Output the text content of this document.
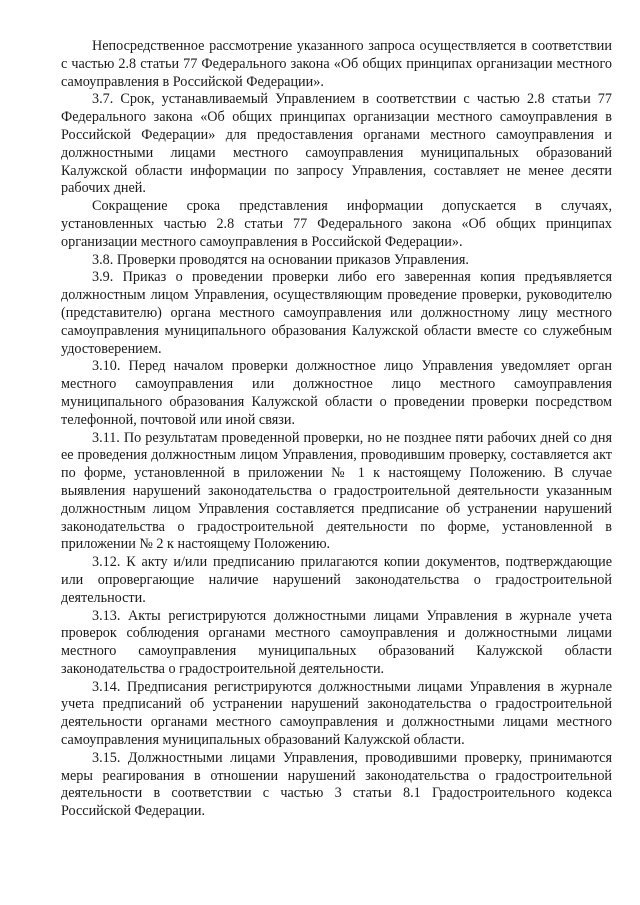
Непосредственное рассмотрение указанного запроса осуществляется в соответствии с частью 2.8 статьи 77 Федерального закона «Об общих принципах организации местного самоуправления в Российской Федерации».

3.7. Срок, устанавливаемый Управлением в соответствии с частью 2.8 статьи 77 Федерального закона «Об общих принципах организации местного самоуправления в Российской Федерации» для предоставления органами местного самоуправления и должностными лицами местного самоуправления муниципальных образований Калужской области информации по запросу Управления, составляет не менее десяти рабочих дней.

Сокращение срока представления информации допускается в случаях, установленных частью 2.8 статьи 77 Федерального закона «Об общих принципах организации местного самоуправления в Российской Федерации».

3.8. Проверки проводятся на основании приказов Управления.

3.9. Приказ о проведении проверки либо его заверенная копия предъявляется должностным лицом Управления, осуществляющим проведение проверки, руководителю (представителю) органа местного самоуправления или должностному лицу местного самоуправления муниципального образования Калужской области вместе со служебным удостоверением.

3.10. Перед началом проверки должностное лицо Управления уведомляет орган местного самоуправления или должностное лицо местного самоуправления муниципального образования Калужской области о проведении проверки посредством телефонной, почтовой или иной связи.

3.11. По результатам проведенной проверки, но не позднее пяти рабочих дней со дня ее проведения должностным лицом Управления, проводившим проверку, составляется акт по форме, установленной в приложении № 1 к настоящему Положению. В случае выявления нарушений законодательства о градостроительной деятельности указанным должностным лицом Управления составляется предписание об устранении нарушений законодательства о градостроительной деятельности по форме, установленной в приложении № 2 к настоящему Положению.

3.12. К акту и/или предписанию прилагаются копии документов, подтверждающие или опровергающие наличие нарушений законодательства о градостроительной деятельности.

3.13. Акты регистрируются должностными лицами Управления в журнале учета проверок соблюдения органами местного самоуправления и должностными лицами местного самоуправления муниципальных образований Калужской области законодательства о градостроительной деятельности.

3.14. Предписания регистрируются должностными лицами Управления в журнале учета предписаний об устранении нарушений законодательства о градостроительной деятельности органами местного самоуправления и должностными лицами местного самоуправления муниципальных образований Калужской области.

3.15. Должностными лицами Управления, проводившими проверку, принимаются меры реагирования в отношении нарушений законодательства о градостроительной деятельности в соответствии с частью 3 статьи 8.1 Градостроительного кодекса Российской Федерации.
